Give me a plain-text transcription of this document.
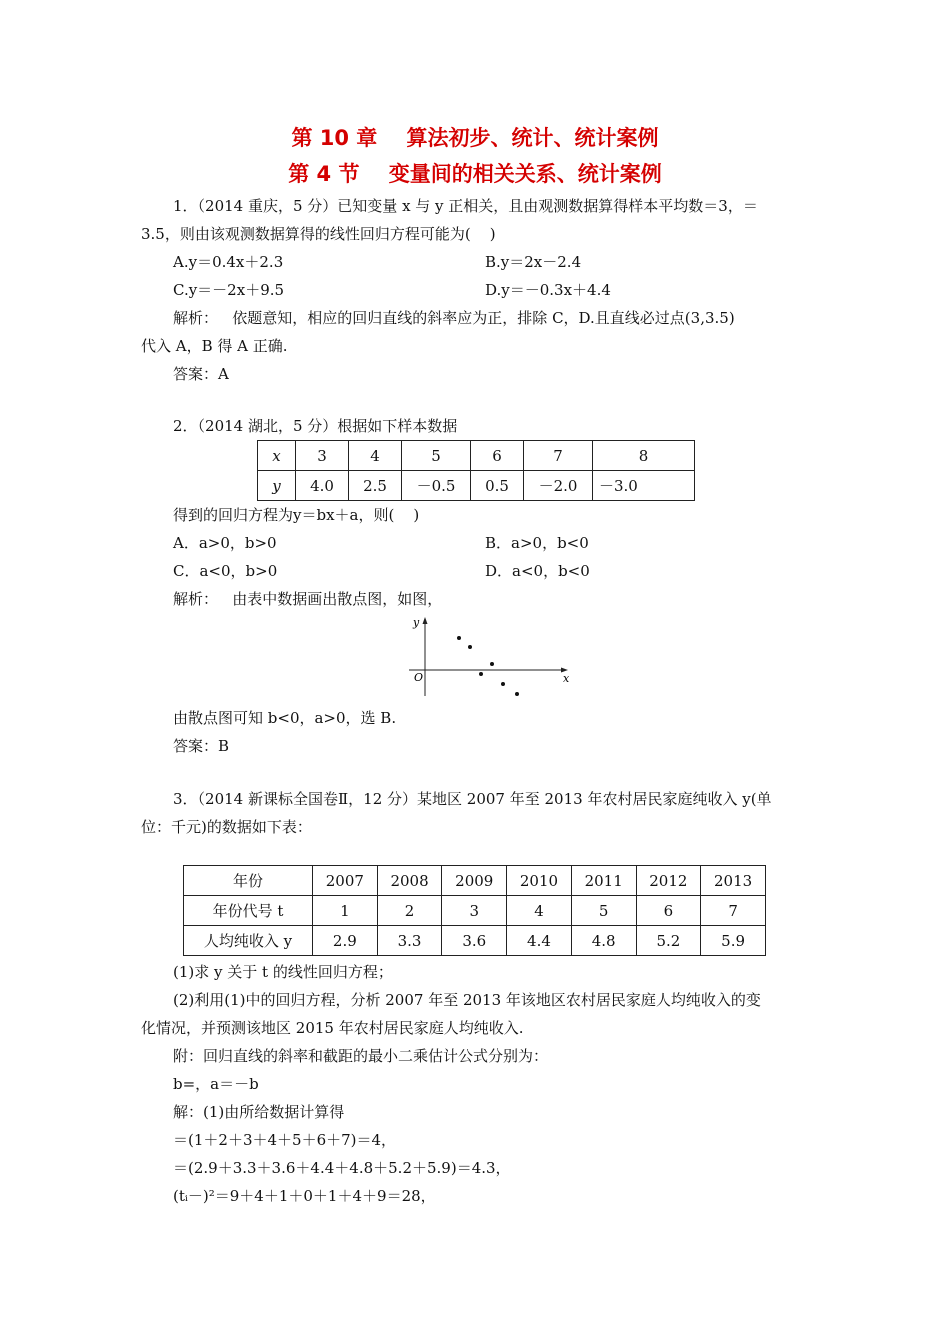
第 10 章    算法初步、统计、统计案例
第 4 节    变量间的相关关系、统计案例
1．（2014 重庆，5 分）已知变量 x 与 y 正相关，且由观测数据算得样本平均数＝3，＝
3.5，则由该观测数据算得的线性回归方程可能为(    )
A.y＝0.4x＋2.3	B.y＝2x－2.4
C.y＝－2x＋9.5	D.y＝－0.3x＋4.4
解析：   依题意知，相应的回归直线的斜率应为正，排除 C，D.且直线必过点(3,3.5)
代入 A，B 得 A 正确.
答案：A
2．（2014 湖北，5 分）根据如下样本数据
x	3	4	5	6	7	8
y	4.0	2.5	－0.5	0.5	－2.0	－3.0
得到的回归方程为y＝bx＋a，则(    )
A．a>0，b>0	B．a>0，b<0
C．a<0，b>0	D．a<0，b<0
解析：   由表中数据画出散点图，如图，
y
x
O
由散点图可知 b<0，a>0，选 B.
答案：B
3．（2014 新课标全国卷Ⅱ，12 分）某地区 2007 年至 2013 年农村居民家庭纯收入 y(单
位：千元)的数据如下表：
年份	2007	2008	2009	2010	2011	2012	2013
年份代号 t	1	2	3	4	5	6	7
人均纯收入 y	2.9	3.3	3.6	4.4	4.8	5.2	5.9
(1)求 y 关于 t 的线性回归方程；
(2)利用(1)中的回归方程，分析 2007 年至 2013 年该地区农村居民家庭人均纯收入的变
化情况，并预测该地区 2015 年农村居民家庭人均纯收入.
附：回归直线的斜率和截距的最小二乘估计公式分别为：
b=，a＝－b
解：(1)由所给数据计算得
＝(1＋2＋3＋4＋5＋6＋7)＝4，
＝(2.9＋3.3＋3.6＋4.4＋4.8＋5.2＋5.9)＝4.3，
(tᵢ－)²＝9＋4＋1＋0＋1＋4＋9＝28，
